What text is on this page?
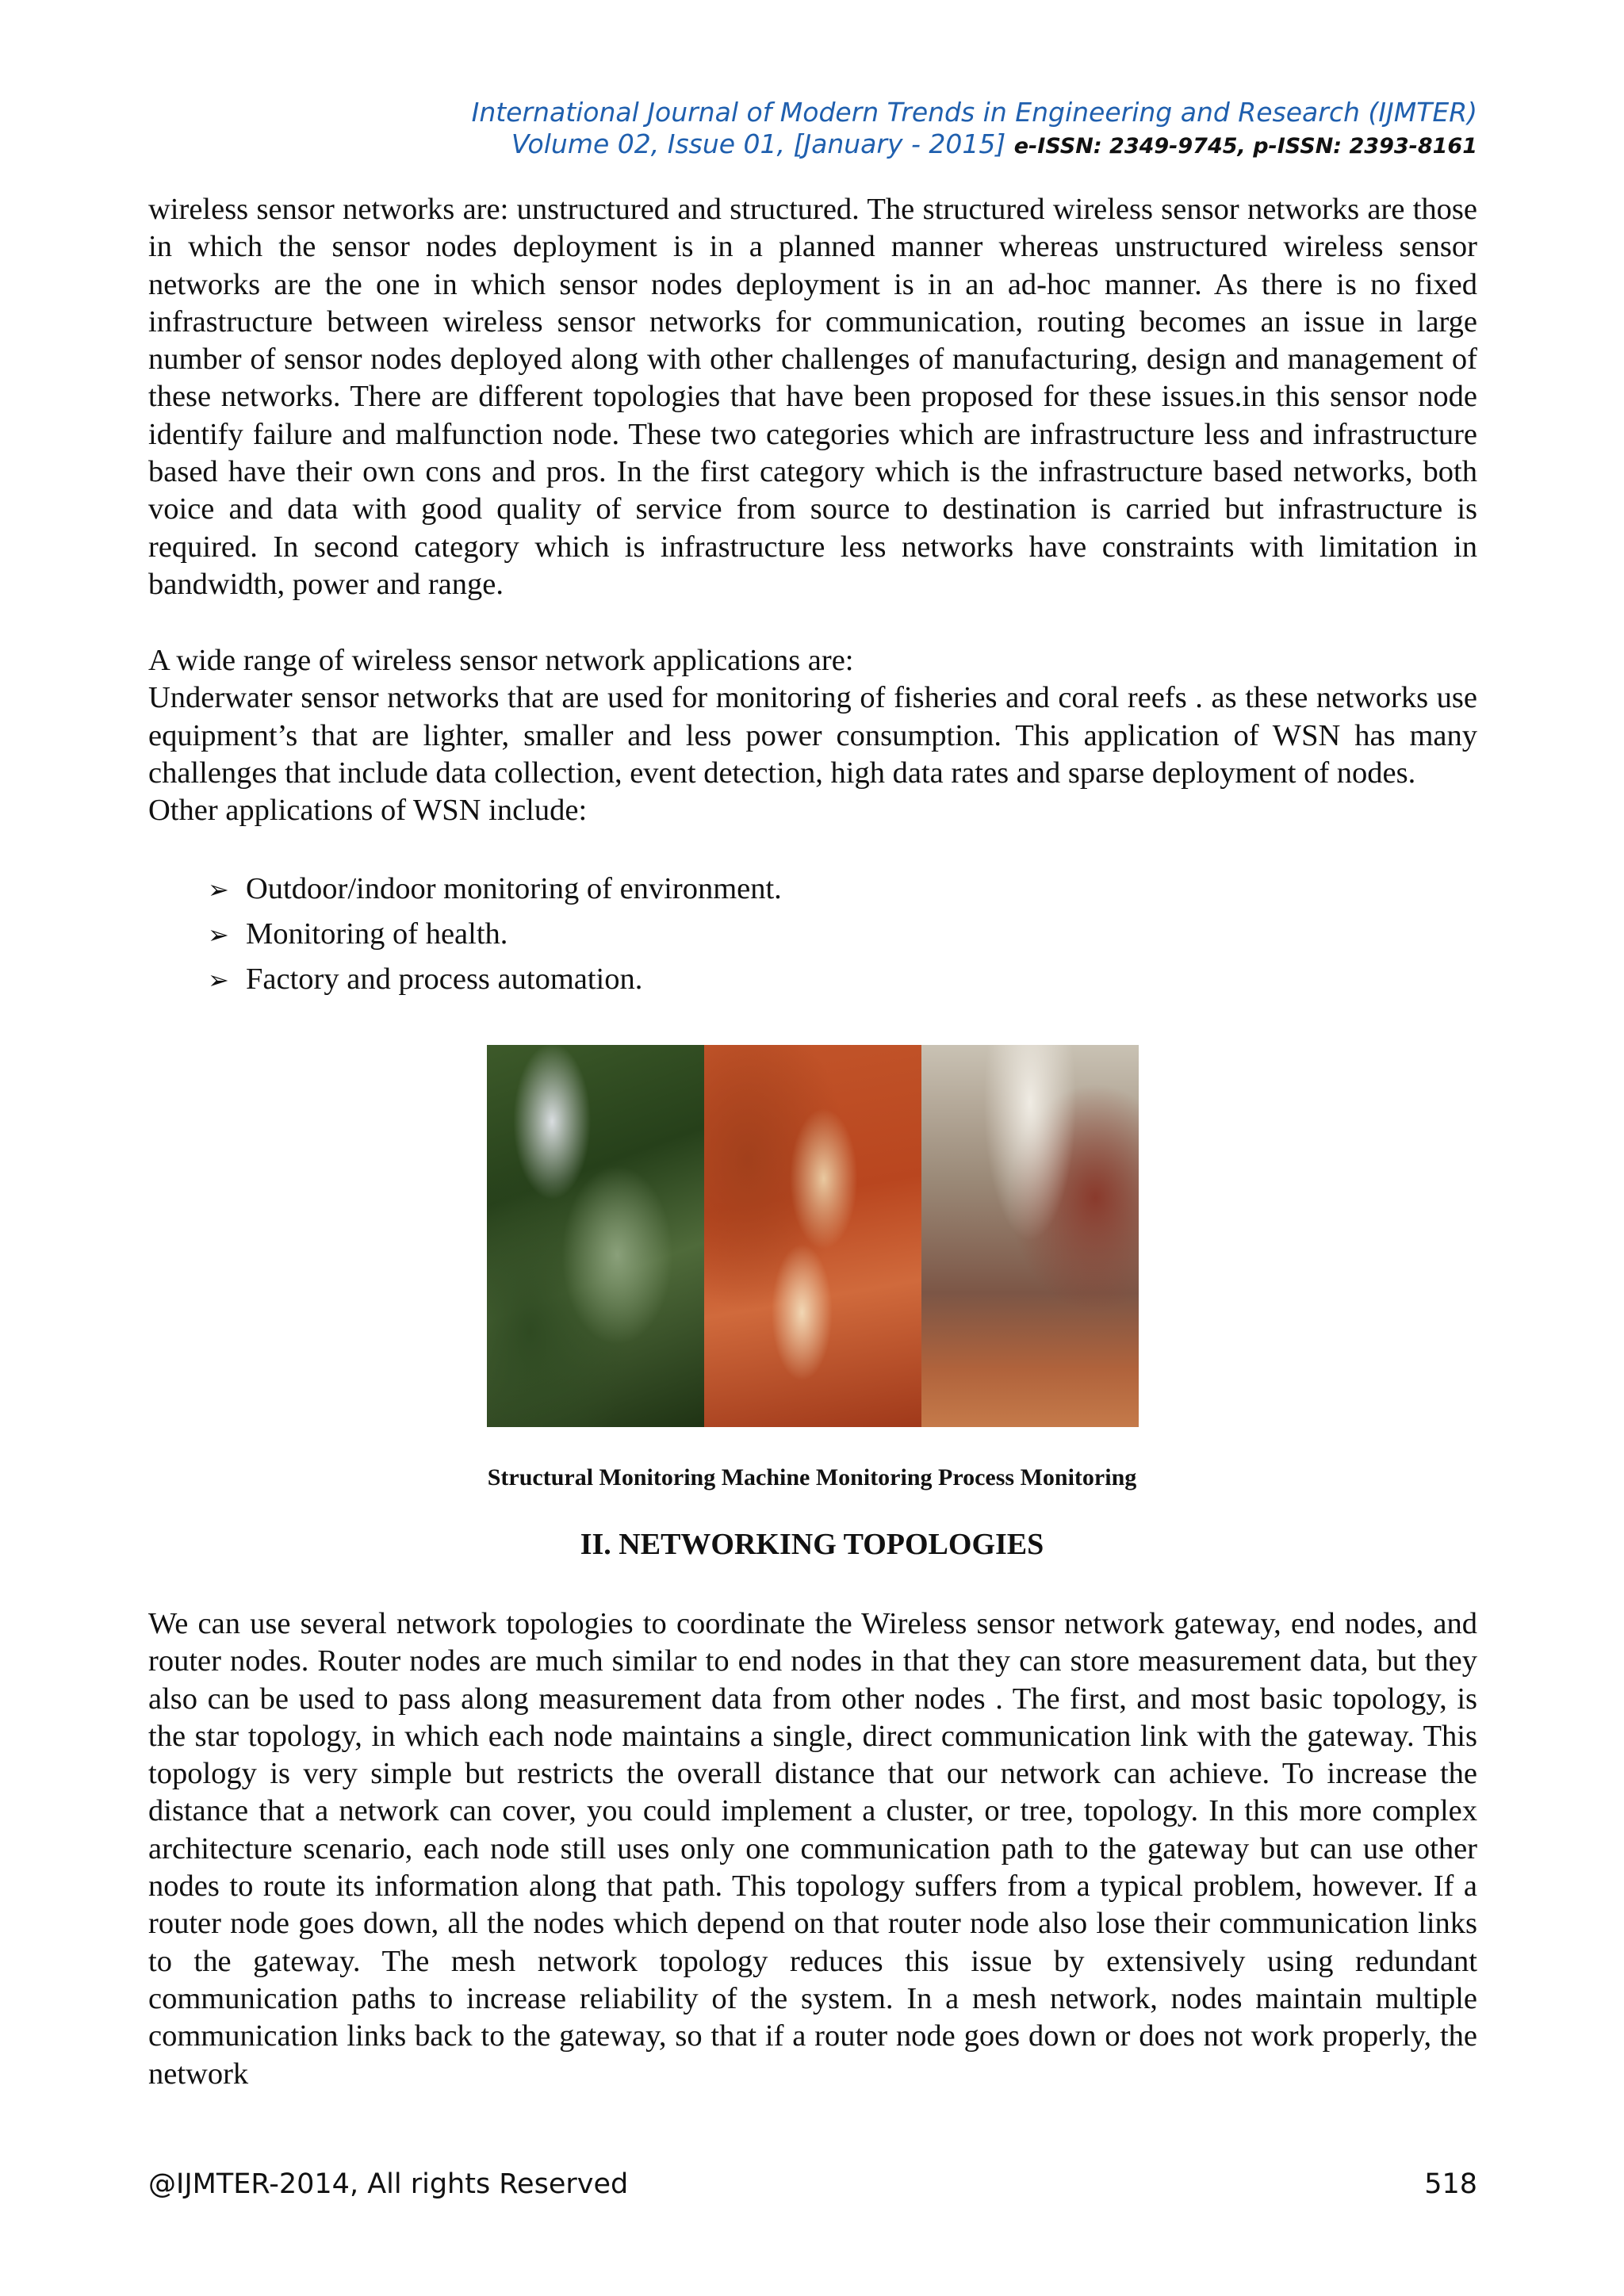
International Journal of Modern Trends in Engineering and Research (IJMTER)
Volume 02, Issue 01, [January - 2015] e-ISSN: 2349-9745, p-ISSN: 2393-8161

wireless sensor networks are: unstructured and structured. The structured wireless sensor networks are those in which the sensor nodes deployment is in a planned manner whereas unstructured wireless sensor networks are the one in which sensor nodes deployment is in an ad-hoc manner. As there is no fixed infrastructure between wireless sensor networks for communication, routing becomes an issue in large number of sensor nodes deployed along with other challenges of manufacturing, design and management of these networks. There are different topologies that have been proposed for these issues.in this sensor node identify failure and malfunction node. These two categories which are infrastructure less and infrastructure based have their own cons and pros. In the first category which is the infrastructure based networks, both voice and data with good quality of service from source to destination is carried but infrastructure is required. In second category which is infrastructure less networks have constraints with limitation in bandwidth, power and range.

A wide range of wireless sensor network applications are:

Underwater sensor networks that are used for monitoring of fisheries and coral reefs . as these networks use equipment’s that are lighter, smaller and less power consumption. This application of WSN has many challenges that include data collection, event detection, high data rates and sparse deployment of nodes.

Other applications of WSN include:

➢ Outdoor/indoor monitoring of environment.
➢ Monitoring of health.
➢ Factory and process automation.
Structural Monitoring Machine Monitoring Process Monitoring
II. NETWORKING TOPOLOGIES

We can use several network topologies to coordinate the Wireless sensor network gateway, end nodes, and router nodes. Router nodes are much similar to end nodes in that they can store measurement data, but they also can be used to pass along measurement data from other nodes . The first, and most basic topology, is the star topology, in which each node maintains a single, direct communication link with the gateway. This topology is very simple but restricts the overall distance that our network can achieve. To increase the distance that a network can cover, you could implement a cluster, or tree, topology. In this more complex architecture scenario, each node still uses only one communication path to the gateway but can use other nodes to route its information along that path. This topology suffers from a typical problem, however. If a router node goes down, all the nodes which depend on that router node also lose their communication links to the gateway. The mesh network topology reduces this issue by extensively using redundant communication paths to increase reliability of the system. In a mesh network, nodes maintain multiple communication links back to the gateway, so that if a router node goes down or does not work properly, the network

@IJMTER-2014, All rights Reserved	518
